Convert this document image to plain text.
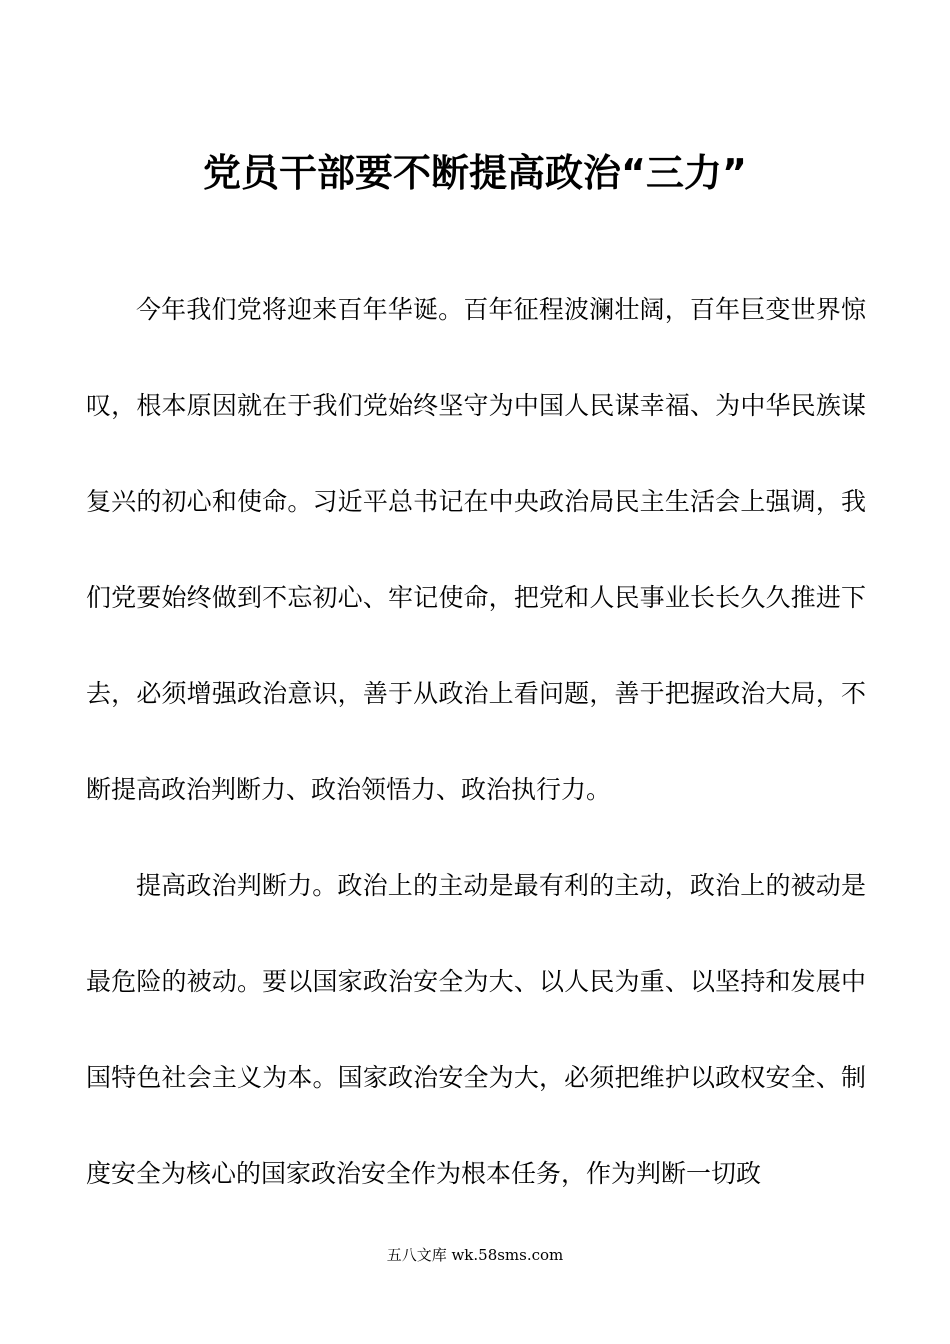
党员干部要不断提高政治“三力”

今年我们党将迎来百年华诞。百年征程波澜壮阔，百年巨变世界惊叹，根本原因就在于我们党始终坚守为中国人民谋幸福、为中华民族谋复兴的初心和使命。习近平总书记在中央政治局民主生活会上强调，我们党要始终做到不忘初心、牢记使命，把党和人民事业长长久久推进下去，必须增强政治意识，善于从政治上看问题，善于把握政治大局，不断提高政治判断力、政治领悟力、政治执行力。

提高政治判断力。政治上的主动是最有利的主动，政治上的被动是最危险的被动。要以国家政治安全为大、以人民为重、以坚持和发展中国特色社会主义为本。国家政治安全为大，必须把维护以政权安全、制度安全为核心的国家政治安全作为根本任务，作为判断一切政

五八文库 wk.58sms.com
